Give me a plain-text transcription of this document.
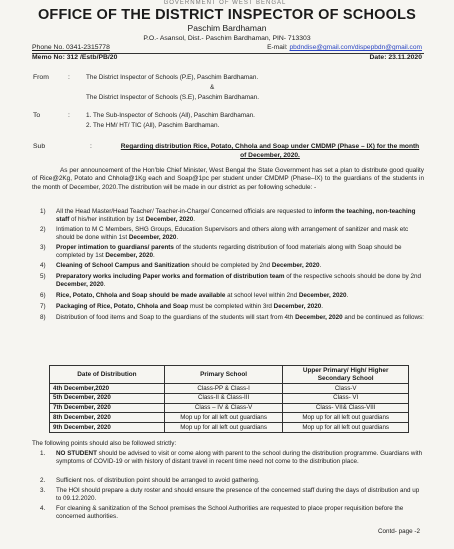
GOVERNMENT OF WEST BENGAL
OFFICE OF THE DISTRICT INSPECTOR OF SCHOOLS
Paschim Bardhaman
P.O.- Asansol, Dist.- Paschim Bardhaman, PIN- 713303
Phone No. 0341-2315778	E-mail: pbdndise@gmail.com/dispepbdn@gmail.com
Memo No: 312 /Estb/PB/20	Date: 23.11.2020
From	:	The District Inspector of Schools (P.E), Paschim Bardhaman.
&
The District Inspector of Schools (S.E), Paschim Bardhaman.
To	:	1. The Sub-Inspector of Schools (All), Paschim Bardhaman.
2. The HM/ HT/ TIC (All), Paschim Bardhaman.
Sub	:	Regarding distribution Rice, Potato, Chhola and Soap under CMDMP (Phase – IX) for the month of December, 2020.
As per announcement of the Hon’ble Chief Minister, West Bengal the State Government has set a plan to distribute good quality of Rice@2Kg, Potato and Chhola@1Kg each and Soap@1pc per student under CMDMP (Phase–IX) to the guardians of the students in the month of December, 2020.The distribution will be made in our district as per following schedule: -
1)	All the Head Master/Head Teacher/ Teacher-in-Charge/ Concerned officials are requested to inform the teaching, non-teaching staff of his/her institution by 1st December, 2020.
2)	Intimation to M C Members, SHG Groups, Education Supervisors and others along with arrangement of sanitizer and mask etc should be done within 1st December, 2020.
3)	Proper intimation to guardians/ parents of the students regarding distribution of food materials along with Soap should be completed by 1st December, 2020.
4)	Cleaning of School Campus and Sanitization should be completed by 2nd December, 2020.
5)	Preparatory works including Paper works and formation of distribution team of the respective schools should be done by 2nd December, 2020.
6)	Rice, Potato, Chhola and Soap should be made available at school level within 2nd December, 2020.
7)	Packaging of Rice, Potato, Chhola and Soap must be completed within 3rd December, 2020.
8)	Distribution of food items and Soap to the guardians of the students will start from 4th December, 2020 and be continued as follows:
Date of Distribution	Primary School	Upper Primary/ High/ Higher Secondary School
4th December,2020	Class-PP & Class-I	Class-V
5th December, 2020	Class-II & Class-III	Class- VI
7th December, 2020	Class – IV & Class-V	Class- VII& Class-VIII
8th December, 2020	Mop up for all left out guardians	Mop up for all left out guardians
9th December, 2020	Mop up for all left out guardians	Mop up for all left out guardians
The following points should also be followed strictly:
1.	NO STUDENT should be advised to visit or come along with parent to the school during the distribution programme. Guardians with symptoms of COVID-19 or with history of distant travel in recent time need not come to the distribution place.
2.	Sufficient nos. of distribution point should be arranged to avoid gathering.
3.	The HOI should prepare a duty roster and should ensure the presence of the concerned staff during the days of distribution and up to 09.12.2020.
4.	For cleaning & sanitization of the School premises the School Authorities are requested to place proper requisition before the concerned authorities.
Contd- page -2
